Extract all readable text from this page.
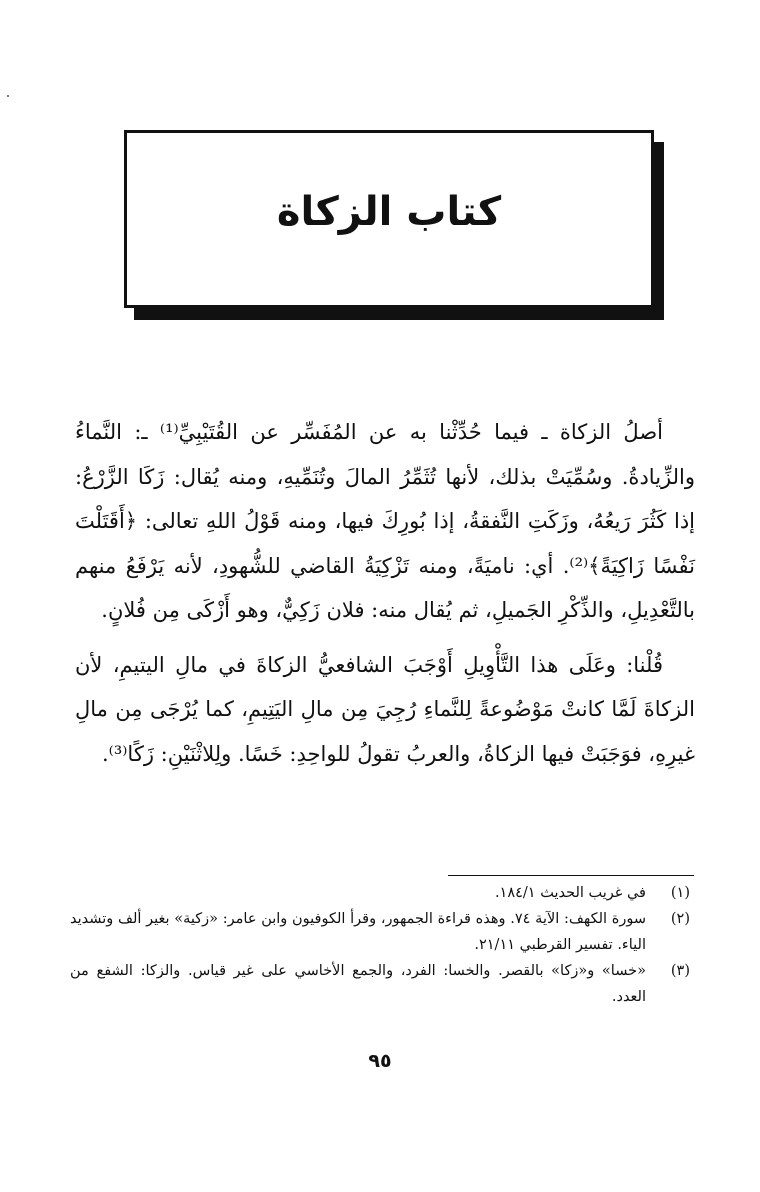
كتاب الزكاة

أصلُ الزكاة ـ فيما حُدِّثْنا به عن المُفَسِّر عن القُتَيْبِيِّ⁽¹⁾ ـ: النَّماءُ والزِّيادةُ. وسُمِّيَتْ بذلك، لأنها تُثَمِّرُ المالَ وتُنَمِّيهِ، ومنه يُقال: زَكَا الزَّرْعُ: إذا كَثُرَ رَيعُهُ، وزَكَتِ النَّفقةُ، إذا بُورِكَ فيها، ومنه قَوْلُ اللهِ تعالى: ﴿أَقَتَلْتَ نَفْسًا زَاكِيَةً﴾⁽²⁾. أي: ناميَةً، ومنه تَزْكِيَةُ القاضي للشُّهودِ، لأنه يَرْفَعُ منهم بالتَّعْدِيلِ، والذِّكْرِ الجَميلِ، ثم يُقال منه: فلان زَكِيٌّ، وهو أَزْكَى مِن فُلانٍ.

قُلْنا: وعَلَى هذا التَّأْوِيلِ أَوْجَبَ الشافعيُّ الزكاةَ في مالِ اليتيمِ، لأن الزكاةَ لَمَّا كانتْ مَوْضُوعةً لِلنَّماءِ رُجِيَ مِن مالِ اليَتِيمِ، كما يُرْجَى مِن مالِ غيرِهِ، فوَجَبَتْ فيها الزكاةُ، والعربُ تقولُ للواحِدِ: خَسًا. ولِلاثْنَيْنِ: زَكًا⁽³⁾.

(١)
في غريب الحديث ١٨٤/١.
(٢)
سورة الكهف: الآية ٧٤. وهذه قراءة الجمهور، وقرأ الكوفيون وابن عامر: «زكية» بغير ألف وتشديد الياء. تفسير القرطبي ٢١/١١.
(٣)
«خسا» و«زكا» بالقصر. والخسا: الفرد، والجمع الأخاسي على غير قياس. والزكا: الشفع من العدد.
٩٥
